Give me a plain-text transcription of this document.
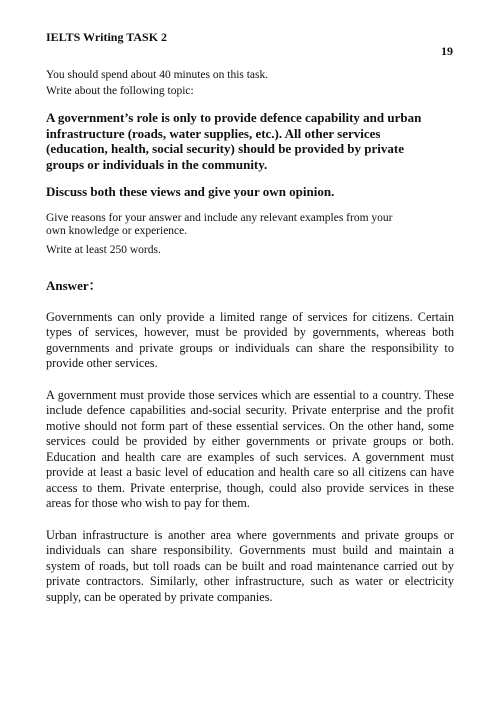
IELTS Writing TASK 2
19

You should spend about 40 minutes on this task.

Write about the following topic:

A government’s role is only to provide defence capability and urban infrastructure (roads, water supplies, etc.). All other services (education, health, social security) should be provided by private groups or individuals in the community.

Discuss both these views and give your own opinion.

Give reasons for your answer and include any relevant examples from your own knowledge or experience.

Write at least 250 words.

Answer：

Governments can only provide a limited range of services for citizens. Certain types of services, however, must be provided by governments, whereas both governments and private groups or individuals can share the responsibility to provide other services.

A government must provide those services which are essential to a country. These include defence capabilities and-social security. Private enterprise and the profit motive should not form part of these essential services. On the other hand, some services could be provided by either governments or private groups or both. Education and health care are examples of such services. A government must provide at least a basic level of education and health care so all citizens can have access to them. Private enterprise, though, could also provide services in these areas for those who wish to pay for them.

Urban infrastructure is another area where governments and private groups or individuals can share responsibility. Governments must build and maintain a system of roads, but toll roads can be built and road maintenance carried out by private contractors. Similarly, other infrastructure, such as water or electricity supply, can be operated by private companies.
